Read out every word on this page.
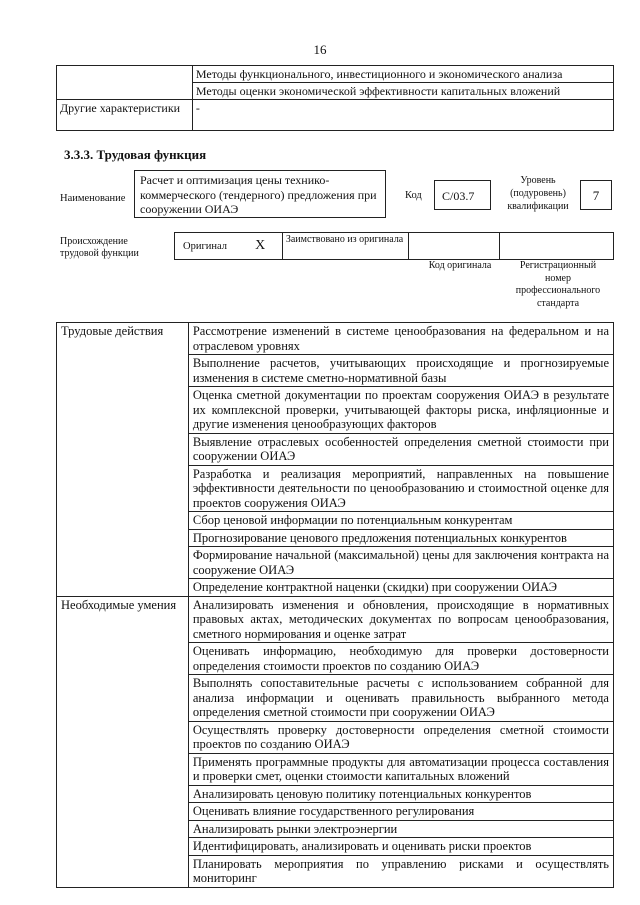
16
	Методы функционального, инвестиционного и экономического анализа
	Методы оценки экономической эффективности капитальных вложений
Другие характеристики	-
3.3.3. Трудовая функция
Наименование
Расчет и оптимизация цены технико-коммерческого (тендерного) предложения при сооружении ОИАЭ
Код	C/03.7
Уровень (подуровень) квалификации
7
Происхождение трудовой функции
Оригинал	X	Заимствовано из оригинала		
Код оригинала	Регистрационный номер профессионального стандарта
Трудовые действия	Рассмотрение изменений в системе ценообразования на федеральном и на отраслевом уровнях
	Выполнение расчетов, учитывающих происходящие и прогнозируемые изменения в системе сметно-нормативной базы
	Оценка сметной документации по проектам сооружения ОИАЭ в результате их комплексной проверки, учитывающей факторы риска, инфляционные и другие изменения ценообразующих факторов
	Выявление отраслевых особенностей определения сметной стоимости при сооружении ОИАЭ
	Разработка и реализация мероприятий, направленных на повышение эффективности деятельности по ценообразованию и стоимостной оценке для проектов сооружения ОИАЭ
	Сбор ценовой информации по потенциальным конкурентам
	Прогнозирование ценового предложения потенциальных конкурентов
	Формирование начальной (максимальной) цены для заключения контракта на сооружение ОИАЭ
	Определение контрактной наценки (скидки) при сооружении ОИАЭ
Необходимые умения	Анализировать изменения и обновления, происходящие в нормативных правовых актах, методических документах по вопросам ценообразования, сметного нормирования и оценке затрат
	Оценивать информацию, необходимую для проверки достоверности определения стоимости проектов по созданию ОИАЭ
	Выполнять сопоставительные расчеты с использованием собранной для анализа информации и оценивать правильность выбранного метода определения сметной стоимости при сооружении ОИАЭ
	Осуществлять проверку достоверности определения сметной стоимости проектов по созданию ОИАЭ
	Применять программные продукты для автоматизации процесса составления и проверки смет, оценки стоимости капитальных вложений
	Анализировать ценовую политику потенциальных конкурентов
	Оценивать влияние государственного регулирования
	Анализировать рынки электроэнергии
	Идентифицировать, анализировать и оценивать риски проектов
	Планировать мероприятия по управлению рисками и осуществлять мониторинг
